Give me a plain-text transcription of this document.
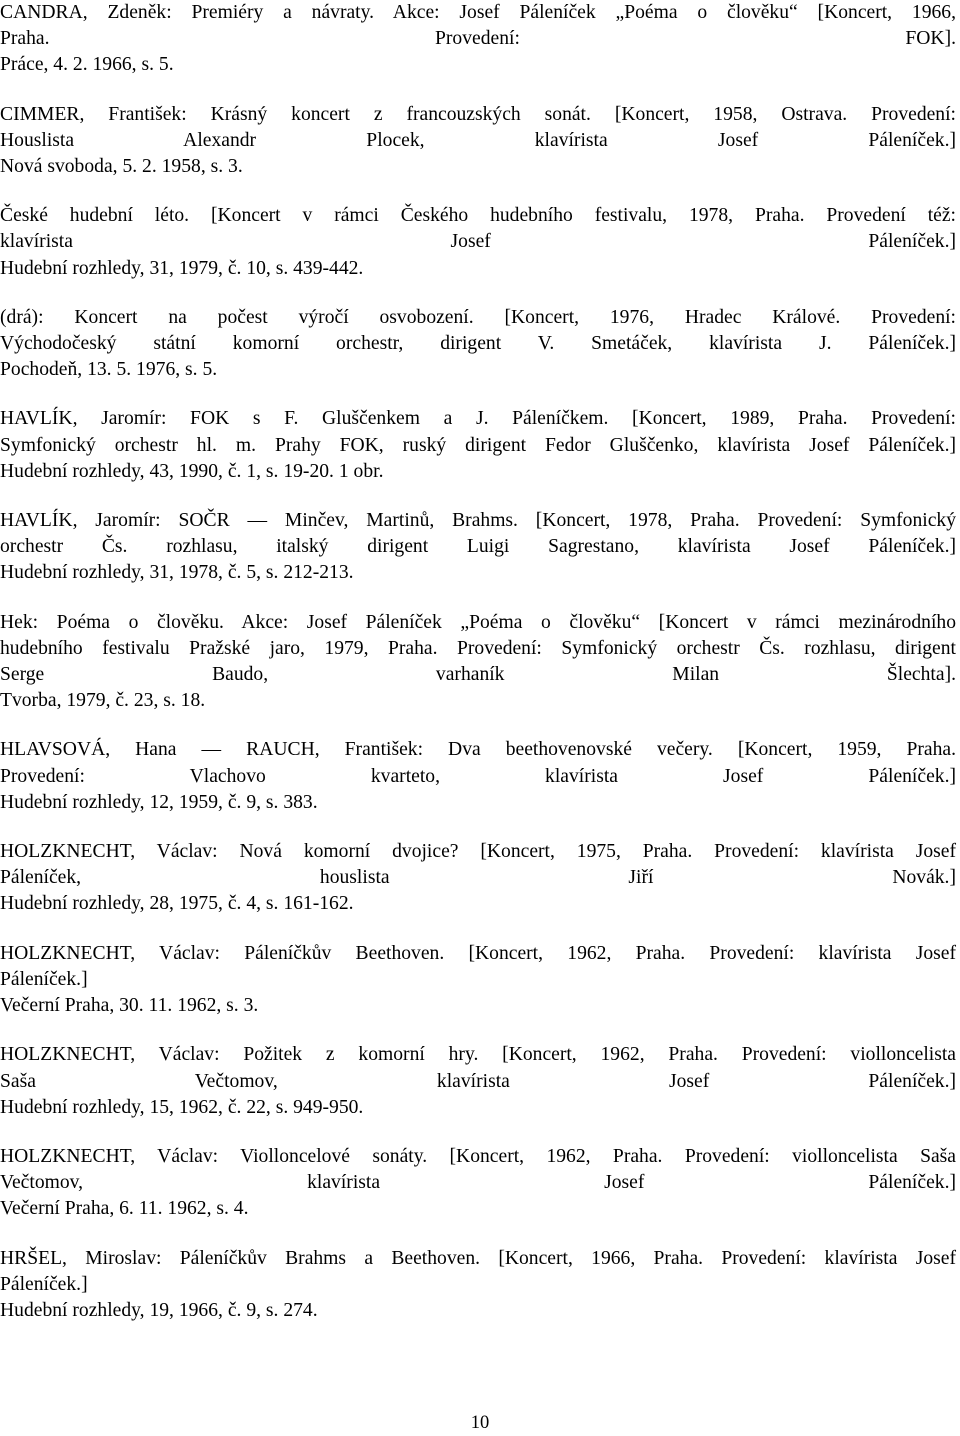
CANDRA, Zdeněk: Premiéry a návraty. Akce: Josef Páleníček „Poéma o člověku“ [Koncert, 1966,
Praha. Provedení: FOK].
Práce, 4. 2. 1966, s. 5.
CIMMER, František: Krásný koncert z francouzských sonát. [Koncert, 1958, Ostrava. Provedení:
Houslista Alexandr Plocek, klavírista Josef Páleníček.]
Nová svoboda, 5. 2. 1958, s. 3.
České hudební léto. [Koncert v rámci Českého hudebního festivalu, 1978, Praha. Provedení též:
klavírista Josef Páleníček.]
Hudební rozhledy, 31, 1979, č. 10, s. 439-442.
(drá): Koncert na počest výročí osvobození. [Koncert, 1976, Hradec Králové. Provedení:
Východočeský státní komorní orchestr, dirigent V. Smetáček, klavírista J. Páleníček.]
Pochodeň, 13. 5. 1976, s. 5.
HAVLÍK, Jaromír: FOK s F. Gluščenkem a J. Páleníčkem. [Koncert, 1989, Praha. Provedení:
Symfonický orchestr hl. m. Prahy FOK, ruský dirigent Fedor Gluščenko, klavírista Josef Páleníček.]
Hudební rozhledy, 43, 1990, č. 1, s. 19-20. 1 obr.
HAVLÍK, Jaromír: SOČR — Minčev, Martinů, Brahms. [Koncert, 1978, Praha. Provedení: Symfonický
orchestr Čs. rozhlasu, italský dirigent Luigi Sagrestano, klavírista Josef Páleníček.]
Hudební rozhledy, 31, 1978, č. 5, s. 212-213.
Hek: Poéma o člověku. Akce: Josef Páleníček „Poéma o člověku“ [Koncert v rámci mezinárodního
hudebního festivalu Pražské jaro, 1979, Praha. Provedení: Symfonický orchestr Čs. rozhlasu, dirigent
Serge Baudo, varhaník Milan Šlechta].
Tvorba, 1979, č. 23, s. 18.
HLAVSOVÁ, Hana — RAUCH, František: Dva beethovenovské večery. [Koncert, 1959, Praha.
Provedení: Vlachovo kvarteto, klavírista Josef Páleníček.]
Hudební rozhledy, 12, 1959, č. 9, s. 383.
HOLZKNECHT, Václav: Nová komorní dvojice? [Koncert, 1975, Praha. Provedení: klavírista Josef
Páleníček, houslista Jiří Novák.]
Hudební rozhledy, 28, 1975, č. 4, s. 161-162.
HOLZKNECHT, Václav: Páleníčkův Beethoven. [Koncert, 1962, Praha. Provedení: klavírista Josef
Páleníček.]
Večerní Praha, 30. 11. 1962, s. 3.
HOLZKNECHT, Václav: Požitek z komorní hry. [Koncert, 1962, Praha. Provedení: violloncelista
Saša Večtomov, klavírista Josef Páleníček.]
Hudební rozhledy, 15, 1962, č. 22, s. 949-950.
HOLZKNECHT, Václav: Violloncelové sonáty. [Koncert, 1962, Praha. Provedení: violloncelista Saša
Večtomov, klavírista Josef Páleníček.]
Večerní Praha, 6. 11. 1962, s. 4.
HRŠEL, Miroslav: Páleníčkův Brahms a Beethoven. [Koncert, 1966, Praha. Provedení: klavírista Josef
Páleníček.]
Hudební rozhledy, 19, 1966, č. 9, s. 274.
10
